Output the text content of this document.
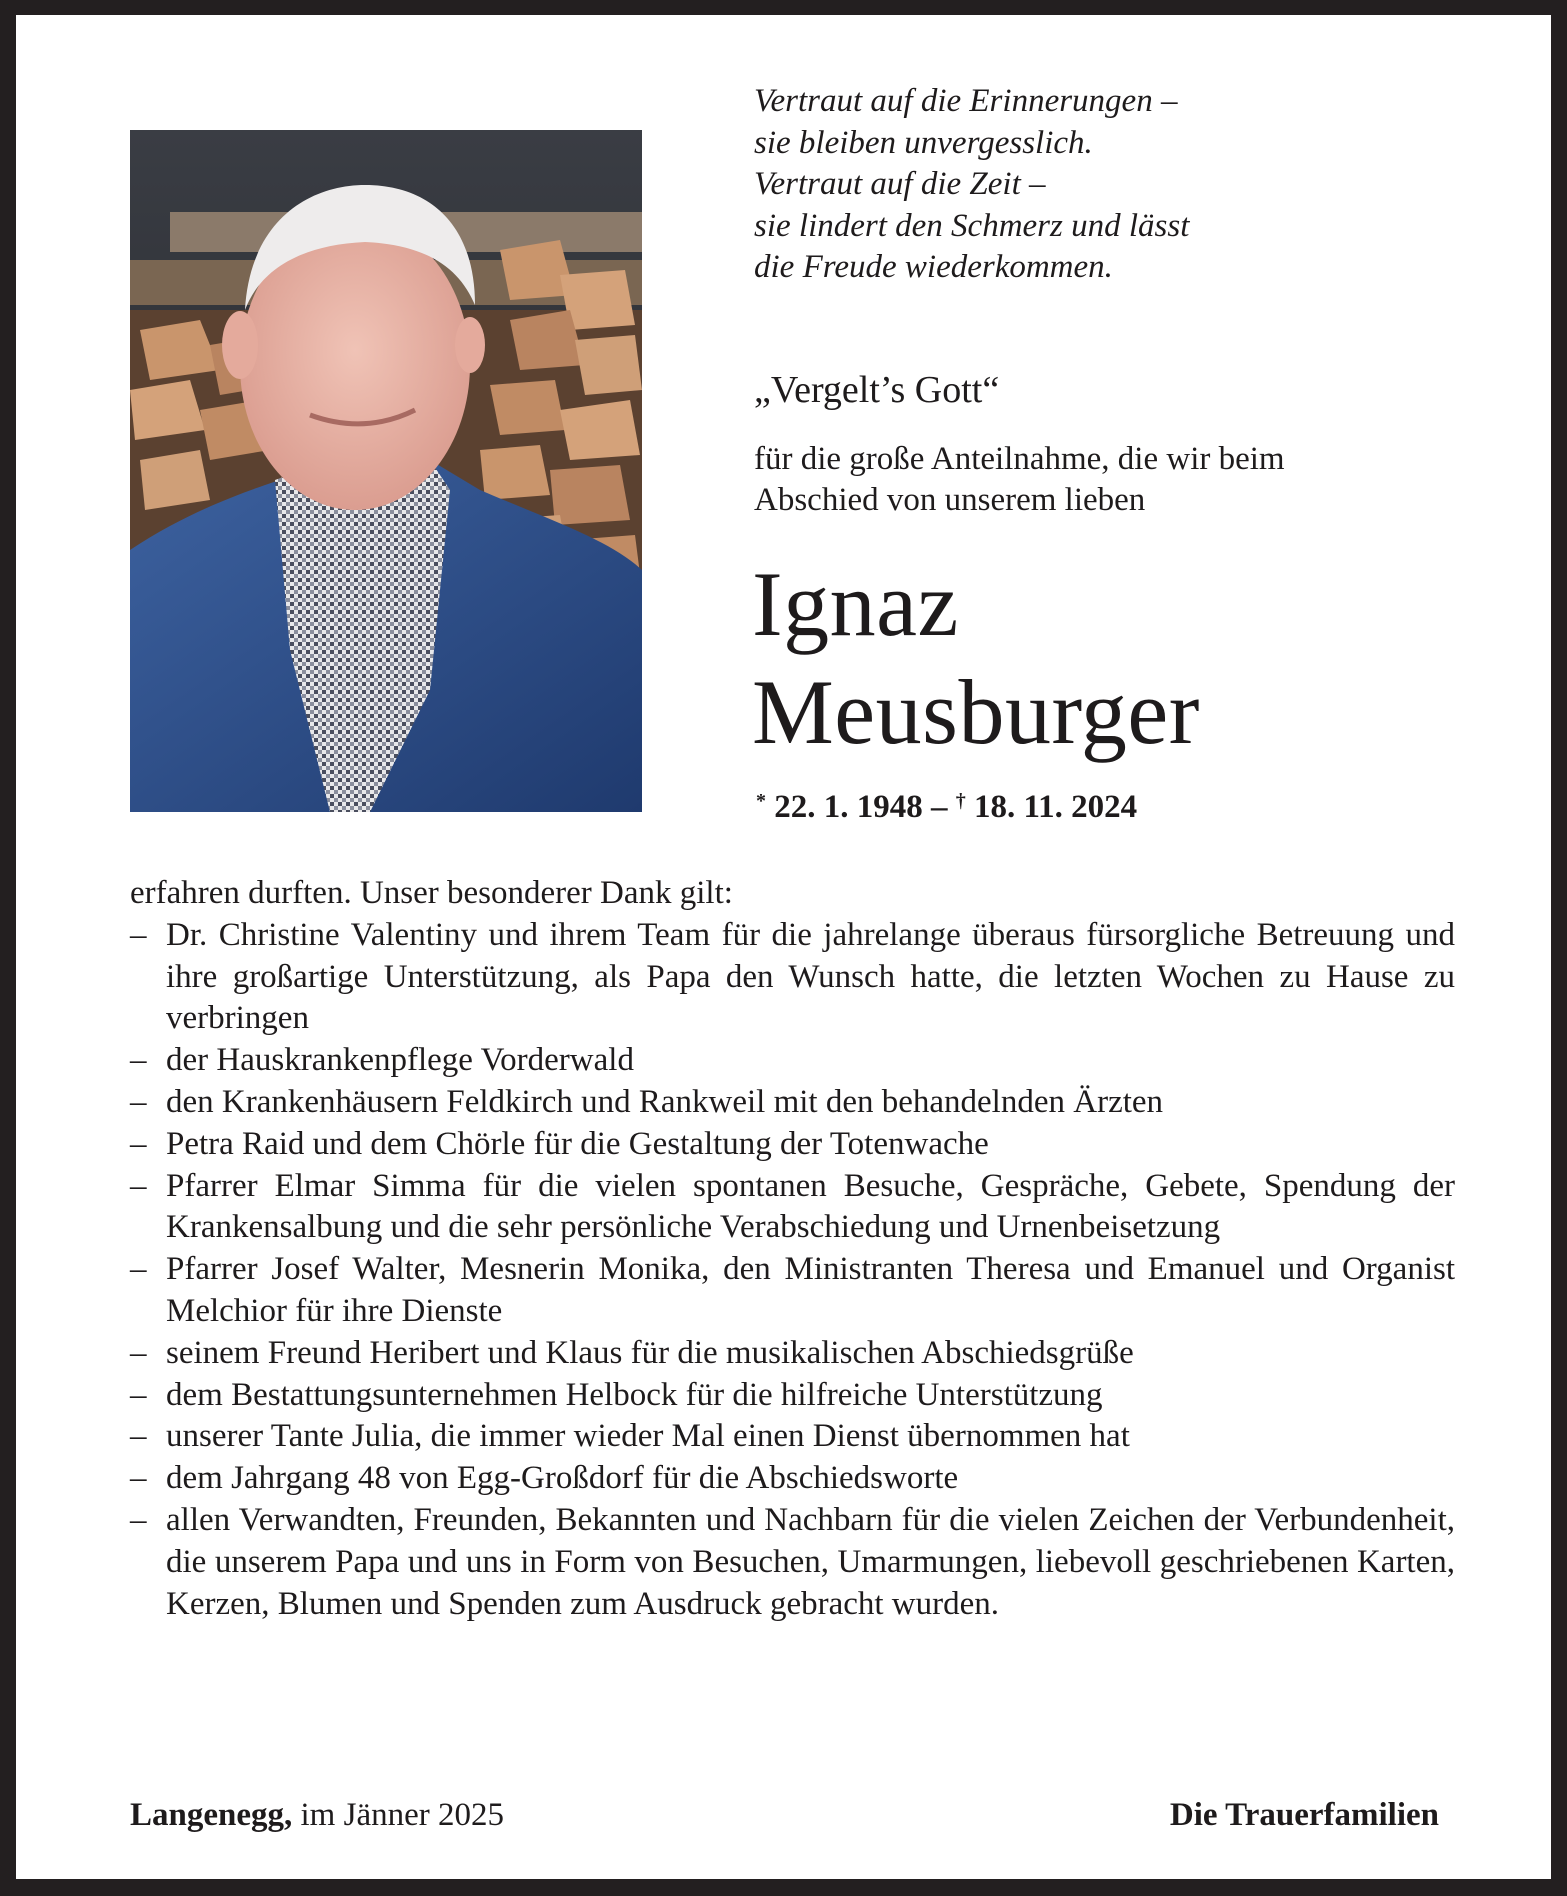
Vertraut auf die Erinnerungen –
sie bleiben unvergesslich.
Vertraut auf die Zeit –
sie lindert den Schmerz und lässt
die Freude wiederkommen.
„Vergelt’s Gott“
für die große Anteilnahme, die wir beim
Abschied von unserem lieben
Ignaz
Meusburger
* 22. 1. 1948 – † 18. 11. 2024
erfahren durften. Unser besonderer Dank gilt:
– Dr. Christine Valentiny und ihrem Team für die jahrelange überaus fürsorgliche Betreuung und ihre großartige Unterstützung, als Papa den Wunsch hatte, die letzten Wochen zu Hause zu verbringen
– der Hauskrankenpflege Vorderwald
– den Krankenhäusern Feldkirch und Rankweil mit den behandelnden Ärzten
– Petra Raid und dem Chörle für die Gestaltung der Totenwache
– Pfarrer Elmar Simma für die vielen spontanen Besuche, Gespräche, Gebete, Spendung der Krankensalbung und die sehr persönliche Verabschiedung und Urnenbeisetzung
– Pfarrer Josef Walter, Mesnerin Monika, den Ministranten Theresa und Emanuel und Organist Melchior für ihre Dienste
– seinem Freund Heribert und Klaus für die musikalischen Abschiedsgrüße
– dem Bestattungsunternehmen Helbock für die hilfreiche Unterstützung
– unserer Tante Julia, die immer wieder Mal einen Dienst übernommen hat
– dem Jahrgang 48 von Egg-Großdorf für die Abschiedsworte
– allen Verwandten, Freunden, Bekannten und Nachbarn für die vielen Zeichen der Verbundenheit, die unserem Papa und uns in Form von Besuchen, Umarmungen, liebevoll geschriebenen Karten, Kerzen, Blumen und Spenden zum Ausdruck gebracht wurden.
Langenegg, im Jänner 2025	Die Trauerfamilien
